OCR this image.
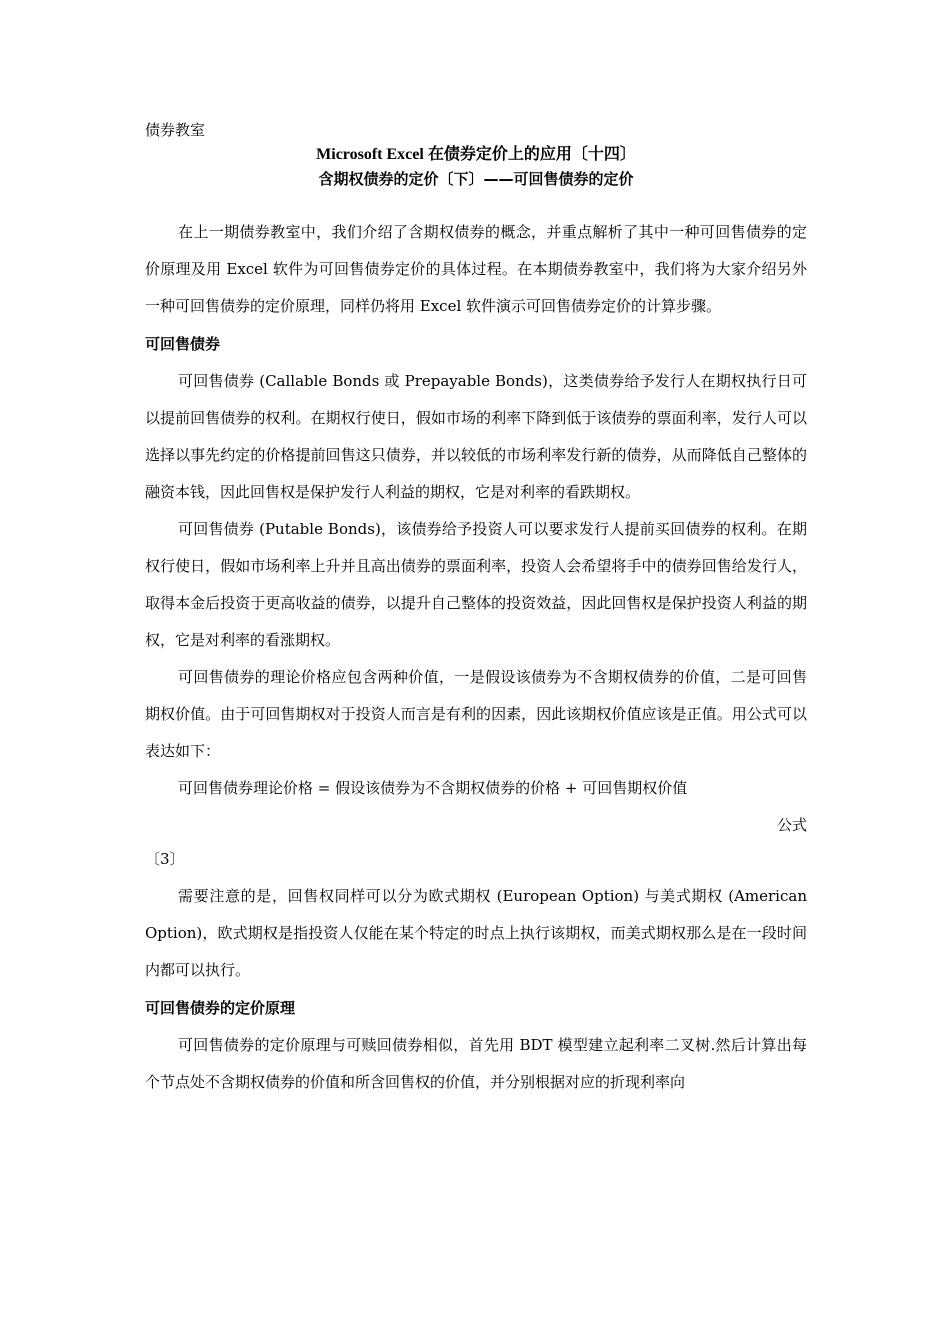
债券教室

Microsoft Excel 在债券定价上的应用〔十四〕
含期权债券的定价〔下〕——可回售债券的定价

在上一期债券教室中，我们介绍了含期权债券的概念，并重点解析了其中一种可回售债券的定价原理及用 Excel 软件为可回售债券定价的具体过程。在本期债券教室中，我们将为大家介绍另外一种可回售债券的定价原理，同样仍将用 Excel 软件演示可回售债券定价的计算步骤。

可回售债券

可回售债券 (Callable Bonds 或 Prepayable Bonds)，这类债券给予发行人在期权执行日可以提前回售债券的权利。在期权行使日，假如市场的利率下降到低于该债券的票面利率，发行人可以选择以事先约定的价格提前回售这只债券，并以较低的市场利率发行新的债券，从而降低自己整体的融资本钱，因此回售权是保护发行人利益的期权，它是对利率的看跌期权。

可回售债券 (Putable Bonds)，该债券给予投资人可以要求发行人提前买回债券的权利。在期权行使日，假如市场利率上升并且高出债券的票面利率，投资人会希望将手中的债券回售给发行人，取得本金后投资于更高收益的债券，以提升自己整体的投资效益，因此回售权是保护投资人利益的期权，它是对利率的看涨期权。

可回售债券的理论价格应包含两种价值，一是假设该债券为不含期权债券的价值，二是可回售期权价值。由于可回售期权对于投资人而言是有利的因素，因此该期权价值应该是正值。用公式可以表达如下：

可回售债券理论价格 = 假设该债券为不含期权债券的价格 + 可回售期权价值

公式

〔3〕

需要注意的是，回售权同样可以分为欧式期权 (European Option) 与美式期权 (American Option)，欧式期权是指投资人仅能在某个特定的时点上执行该期权，而美式期权那么是在一段时间内都可以执行。

可回售债券的定价原理

可回售债券的定价原理与可赎回债券相似，首先用 BDT 模型建立起利率二叉树.然后计算出每个节点处不含期权债券的价值和所含回售权的价值，并分别根据对应的折现利率向
